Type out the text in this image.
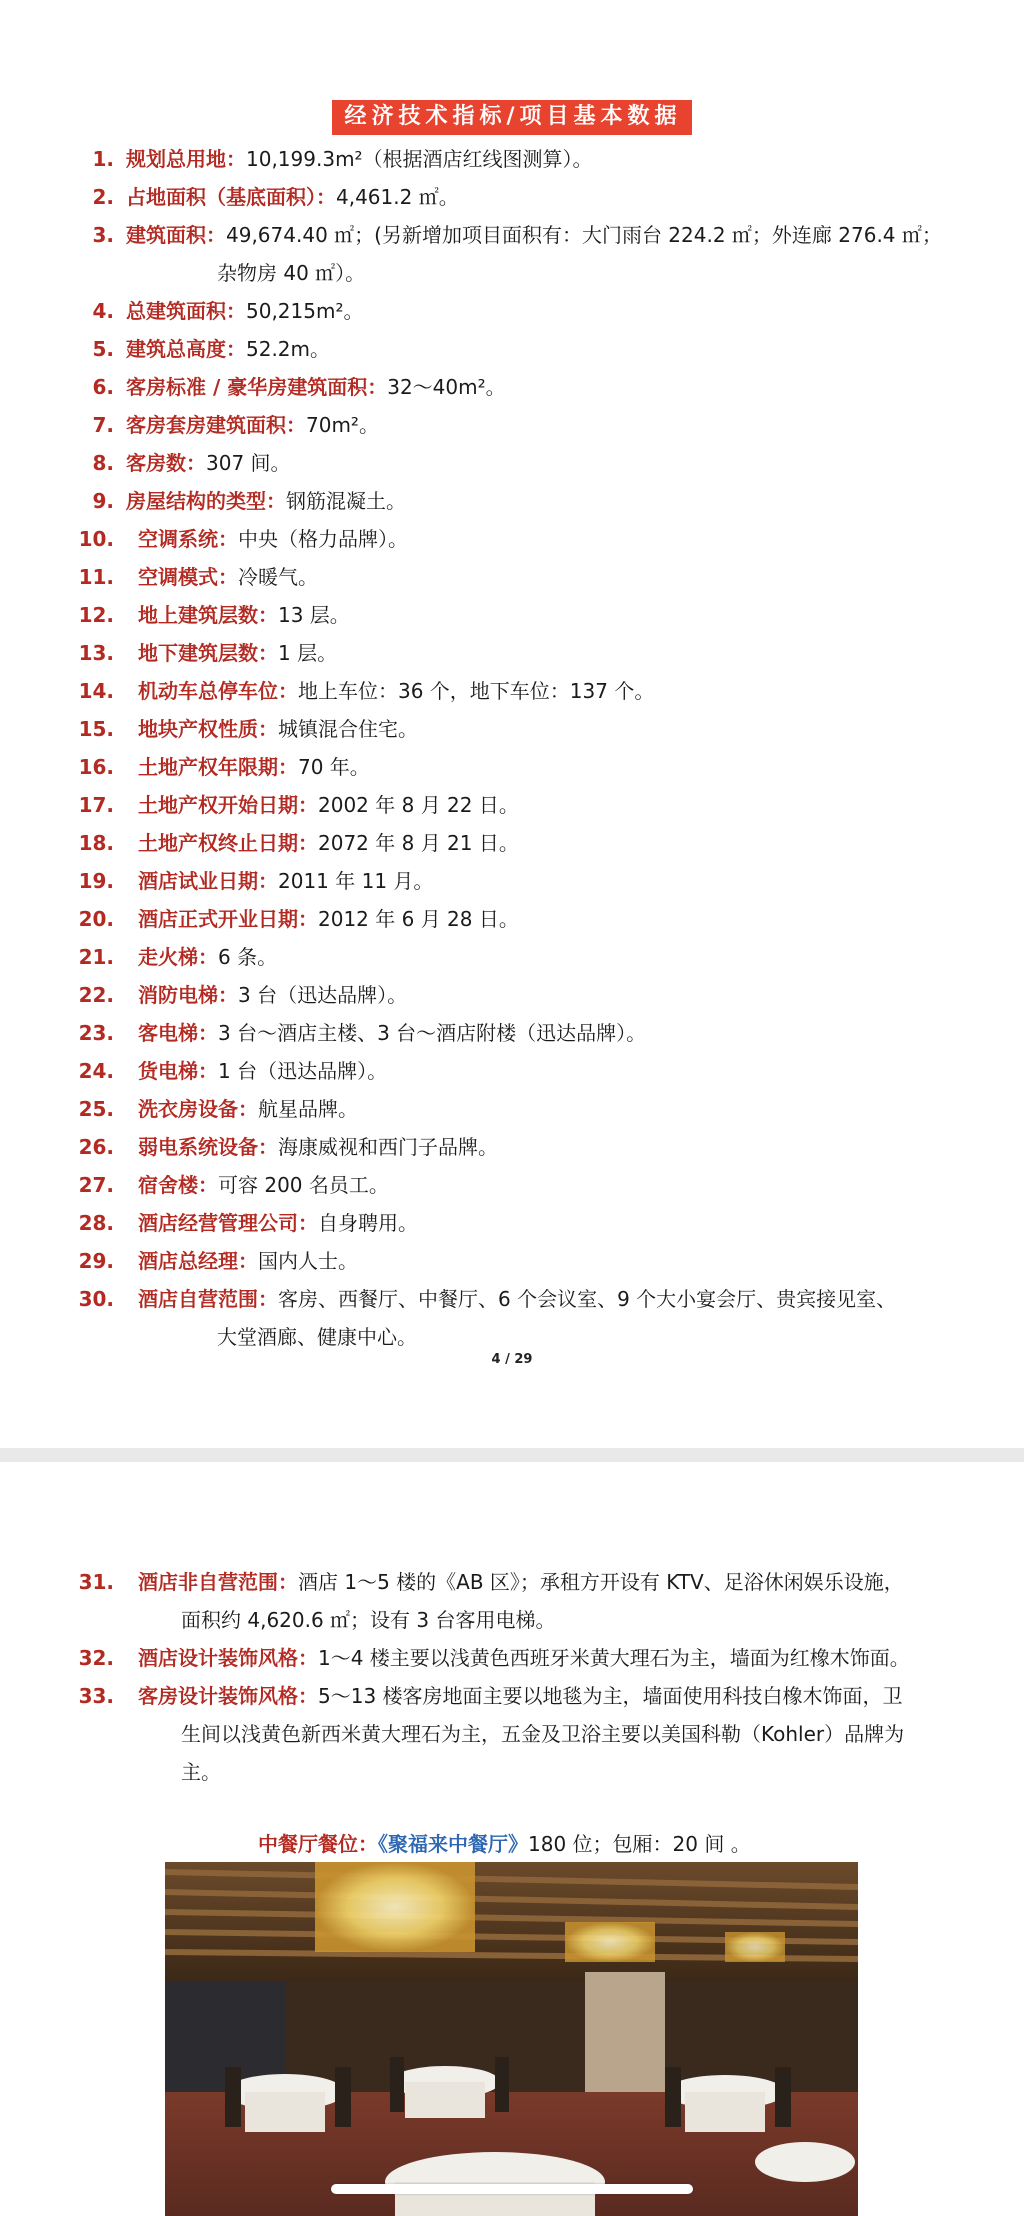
经济技术指标/项目基本数据
1. 规划总用地：10,199.3m²（根据酒店红线图测算）。
2. 占地面积（基底面积）：4,461.2 ㎡。
3. 建筑面积：49,674.40 ㎡；(另新增加项目面积有：大门雨台 224.2 ㎡；外连廊 276.4 ㎡；
杂物房 40 ㎡）。
4. 总建筑面积：50,215m²。
5. 建筑总高度：52.2m。
6. 客房标准 / 豪华房建筑面积：32～40m²。
7. 客房套房建筑面积：70m²。
8. 客房数：307 间。
9. 房屋结构的类型：钢筋混凝土。
10. 空调系统：中央（格力品牌）。
11. 空调模式：冷暖气。
12. 地上建筑层数：13 层。
13. 地下建筑层数：1 层。
14. 机动车总停车位：地上车位：36 个，地下车位：137 个。
15. 地块产权性质：城镇混合住宅。
16. 土地产权年限期：70 年。
17. 土地产权开始日期：2002 年 8 月 22 日。
18. 土地产权终止日期：2072 年 8 月 21 日。
19. 酒店试业日期：2011 年 11 月。
20. 酒店正式开业日期：2012 年 6 月 28 日。
21. 走火梯：6 条。
22. 消防电梯：3 台（迅达品牌）。
23. 客电梯：3 台～酒店主楼、3 台～酒店附楼（迅达品牌）。
24. 货电梯：1 台（迅达品牌）。
25. 洗衣房设备：航星品牌。
26. 弱电系统设备：海康威视和西门子品牌。
27. 宿舍楼：可容 200 名员工。
28. 酒店经营管理公司：自身聘用。
29. 酒店总经理：国内人士。
30. 酒店自营范围：客房、西餐厅、中餐厅、6 个会议室、9 个大小宴会厅、贵宾接见室、
大堂酒廊、健康中心。
4 / 29
31. 酒店非自营范围：酒店 1～5 楼的《AB 区》；承租方开设有 KTV、足浴休闲娱乐设施，
面积约 4,620.6 ㎡；设有 3 台客用电梯。
32. 酒店设计装饰风格：1～4 楼主要以浅黄色西班牙米黄大理石为主，墙面为红橡木饰面。
33. 客房设计装饰风格：5～13 楼客房地面主要以地毯为主，墙面使用科技白橡木饰面，卫
生间以浅黄色新西米黄大理石为主，五金及卫浴主要以美国科勒（Kohler）品牌为
主。
中餐厅餐位：《聚福来中餐厅》180 位；包厢：20 间 。
